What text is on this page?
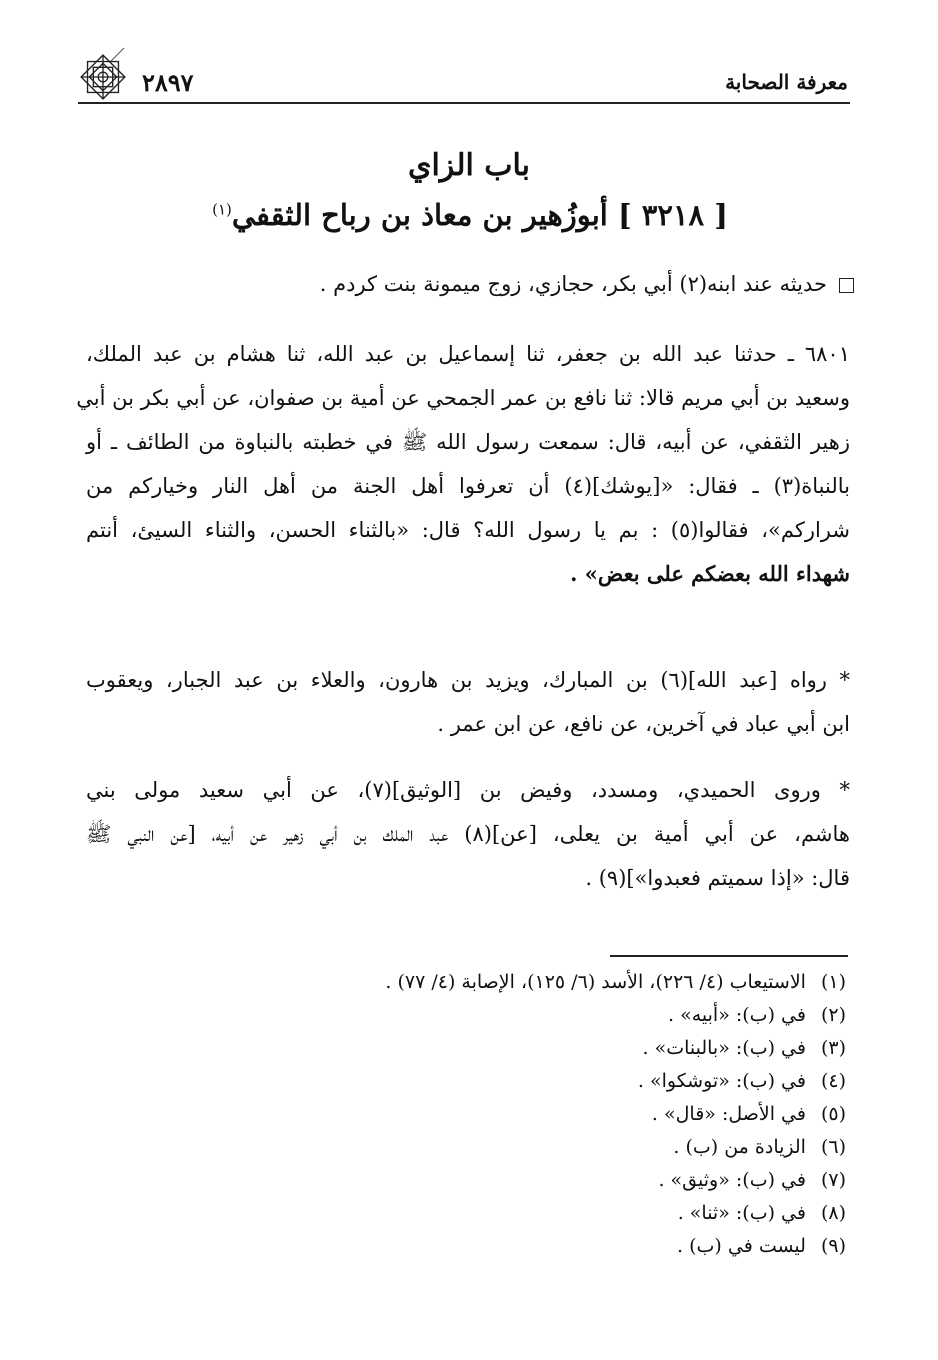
معرفة الصحابة
٢٨٩٧
باب الزاي
[ ٣٢١٨ ] أبوزُهير بن معاذ بن رباح الثقفي$^{(١)}$
حديثه عند ابنه(٢) أبي بكر، حجازي، زوج ميمونة بنت كردم .
٦٨٠١ ـ حدثنا عبد الله بن جعفر، ثنا إسماعيل بن عبد الله، ثنا هشام بن عبد الملك،
وسعيد بن أبي مريم قالا: ثنا نافع بن عمر الجمحي عن أمية بن صفوان، عن أبي بكر بن أبي
زهير الثقفي، عن أبيه، قال: سمعت رسول الله ﷺ في خطبته بالنباوة من الطائف ـ أو
بالنباة(٣) ـ فقال: «[يوشك](٤) أن تعرفوا أهل الجنة من أهل النار وخياركم من
شراركم»، فقالوا(٥) : بم يا رسول الله؟ قال: «بالثناء الحسن، والثناء السيئ، أنتم
شهداء الله بعضكم على بعض» .
* رواه [عبد الله](٦) بن المبارك، ويزيد بن هارون، والعلاء بن عبد الجبار، ويعقوب
ابن أبي عباد في آخرين، عن نافع، عن ابن عمر .
* وروى الحميدي، ومسدد، وفيض بن [الوثيق](٧)، عن أبي سعيد مولى بني
هاشم، عن أبي أمية بن يعلى، [عن](٨) عبد الملك بن أبي زهير عن أبيه، [عن النبي ﷺ
قال: «إذا سميتم فعبدوا»](٩) .
(١) الاستيعاب (٤/ ٢٢٦)، الأسد (٦/ ١٢٥)، الإصابة (٤/ ٧٧) .
(٢) في (ب): «أبيه» .
(٣) في (ب): «بالبنات» .
(٤) في (ب): «توشكوا» .
(٥) في الأصل: «قال» .
(٦) الزيادة من (ب) .
(٧) في (ب): «وثيق» .
(٨) في (ب): «ثنا» .
(٩) ليست في (ب) .
